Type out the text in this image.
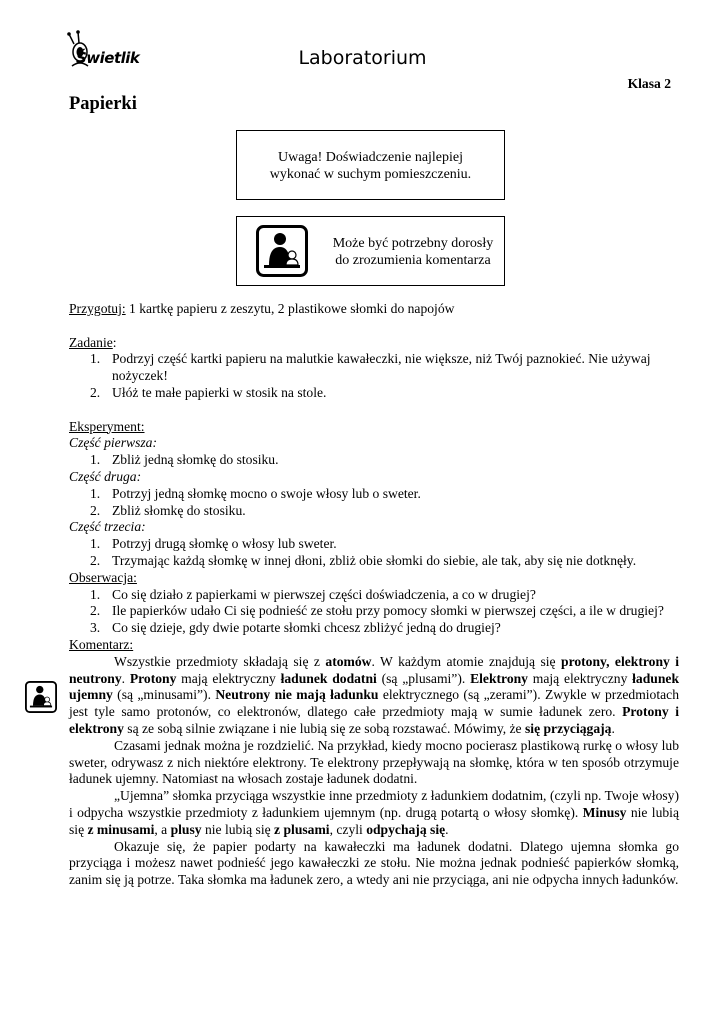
Świetlik	Laboratorium
Klasa 2
Papierki
Uwaga! Doświadczenie najlepiej
wykonać w suchym pomieszczeniu.
Może być potrzebny dorosły
do zrozumienia komentarza

Przygotuj: 1 kartkę papieru z zeszytu, 2 plastikowe słomki do napojów

Zadanie:

1. Podrzyj część kartki papieru na malutkie kawałeczki, nie większe, niż Twój paznokieć. Nie używaj nożyczek!
2. Ułóż te małe papierki w stosik na stole.

Eksperyment:

Część pierwsza:

1. Zbliż jedną słomkę do stosiku.

Część druga:

1. Potrzyj jedną słomkę mocno o swoje włosy lub o sweter.
2. Zbliż słomkę do stosiku.

Część trzecia:

1. Potrzyj drugą słomkę o włosy lub sweter.
2. Trzymając każdą słomkę w innej dłoni, zbliż obie słomki do siebie, ale tak, aby się nie dotknęły.

Obserwacja:

1. Co się działo z papierkami w pierwszej części doświadczenia, a co w drugiej?
2. Ile papierków udało Ci się podnieść ze stołu przy pomocy słomki w pierwszej części, a ile w drugiej?
3. Co się dzieje, gdy dwie potarte słomki chcesz zbliżyć jedną do drugiej?

Komentarz:

Wszystkie przedmioty składają się z atomów. W każdym atomie znajdują się protony, elektrony i neutrony. Protony mają elektryczny ładunek dodatni (są „plusami”). Elektrony mają elektryczny ładunek ujemny (są „minusami”). Neutrony nie mają ładunku elektrycznego (są „zerami”). Zwykle w przedmiotach jest tyle samo protonów, co elektronów, dlatego całe przedmioty mają w sumie ładunek zero. Protony i elektrony są ze sobą silnie związane i nie lubią się ze sobą rozstawać. Mówimy, że się przyciągają.

Czasami jednak można je rozdzielić. Na przykład, kiedy mocno pocierasz plastikową rurkę o włosy lub sweter, odrywasz z nich niektóre elektrony. Te elektrony przepływają na słomkę, która w ten sposób otrzymuje ładunek ujemny. Natomiast na włosach zostaje ładunek dodatni.

„Ujemna” słomka przyciąga wszystkie inne przedmioty z ładunkiem dodatnim, (czyli np. Twoje włosy) i odpycha wszystkie przedmioty z ładunkiem ujemnym (np. drugą potartą o włosy słomkę). Minusy nie lubią się z minusami, a plusy nie lubią się z plusami, czyli odpychają się.

Okazuje się, że papier podarty na kawałeczki ma ładunek dodatni. Dlatego ujemna słomka go przyciąga i możesz nawet podnieść jego kawałeczki ze stołu. Nie można jednak podnieść papierków słomką, zanim się ją potrze. Taka słomka ma ładunek zero, a wtedy ani nie przyciąga, ani nie odpycha innych ładunków.
